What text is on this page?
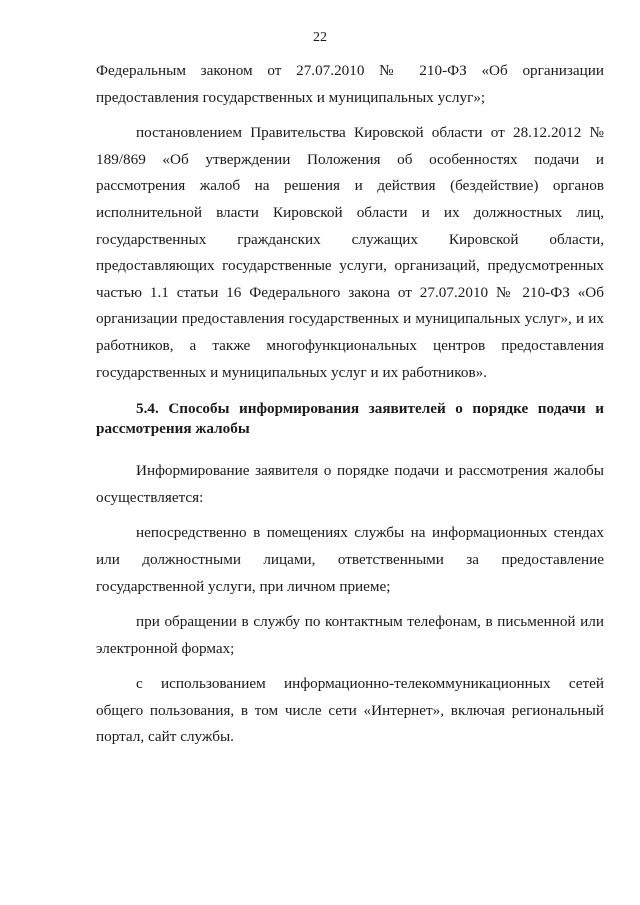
22

Федеральным законом от 27.07.2010 № 210-ФЗ «Об организации предоставления государственных и муниципальных услуг»;

постановлением Правительства Кировской области от 28.12.2012 № 189/869 «Об утверждении Положения об особенностях подачи и рассмотрения жалоб на решения и действия (бездействие) органов исполнительной власти Кировской области и их должностных лиц, государственных гражданских служащих Кировской области, предоставляющих государственные услуги, организаций, предусмотренных частью 1.1 статьи 16 Федерального закона от 27.07.2010 № 210-ФЗ «Об организации предоставления государственных и муниципальных услуг», и их работников, а также многофункциональных центров предоставления государственных и муниципальных услуг и их работников».

5.4. Способы информирования заявителей о порядке подачи и рассмотрения жалобы

Информирование заявителя о порядке подачи и рассмотрения жалобы осуществляется:

непосредственно в помещениях службы на информационных стендах или должностными лицами, ответственными за предоставление государственной услуги, при личном приеме;

при обращении в службу по контактным телефонам, в письменной или электронной формах;

с использованием информационно-телекоммуникационных сетей общего пользования, в том числе сети «Интернет», включая региональный портал, сайт службы.
